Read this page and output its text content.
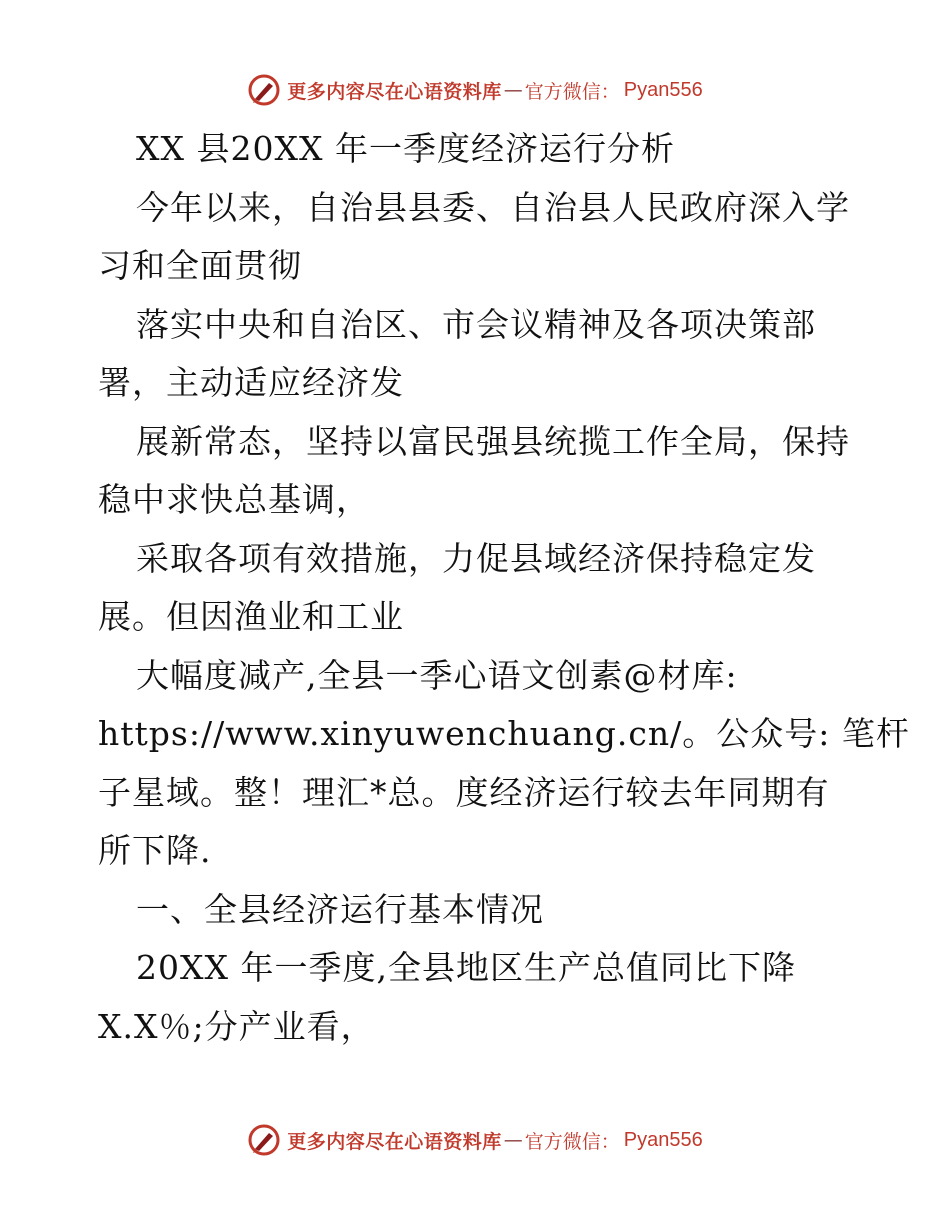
更多内容尽在心语资料库 — 官方微信： Pyan556
XX 县20XX 年一季度经济运行分析
今年以来，自治县县委、自治县人民政府深入学
习和全面贯彻
落实中央和自治区、市会议精神及各项决策部
署，主动适应经济发
展新常态，坚持以富民强县统揽工作全局，保持
稳中求快总基调，
采取各项有效措施，力促县域经济保持稳定发
展。但因渔业和工业
大幅度减产,全县一季心语文创素@材库:
https://www.xinyuwenchuang.cn/。公众号: 笔杆
子星域。整！理汇*总。度经济运行较去年同期有
所下降.
一、全县经济运行基本情况
20XX 年一季度,全县地区生产总值同比下降
X.X％;分产业看，
更多内容尽在心语资料库 — 官方微信： Pyan556
